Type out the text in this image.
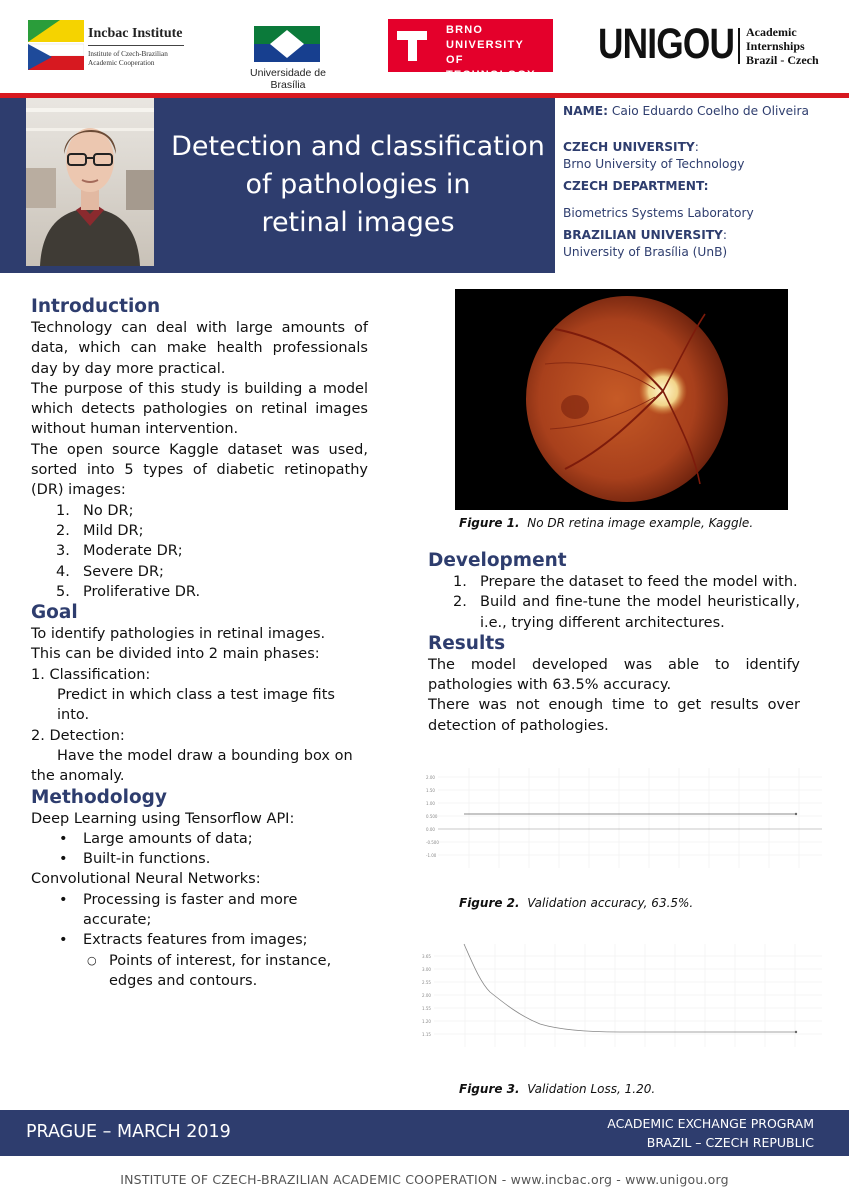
Incbac Institute
Institute of Czech-Brazilian
Academic Cooperation
Universidade de Brasília
BRNO
UNIVERSITY
OF TECHNOLOGY
UNIGOU Academic
Internships
Brazil - Czech
Detection and classification
of pathologies in
retinal images
NAME: Caio Eduardo Coelho de Oliveira
CZECH UNIVERSITY:
Brno University of Technology
CZECH DEPARTMENT:
Biometrics Systems Laboratory
BRAZILIAN UNIVERSITY:
University of Brasília (UnB)
Introduction
Technology can deal with large amounts of data, which can make health professionals day by day more practical.
The purpose of this study is building a model which detects pathologies on retinal images without human intervention.
The open source Kaggle dataset was used, sorted into 5 types of diabetic retinopathy (DR) images:
1. No DR;
2. Mild DR;
3. Moderate DR;
4. Severe DR;
5. Proliferative DR.
Goal
To identify pathologies in retinal images.
This can be divided into 2 main phases:
1. Classification:
Predict in which class a test image fits into.
2. Detection:
Have the model draw a bounding box on the anomaly.
Methodology
Deep Learning using Tensorflow API:
•	Large amounts of data;
•	Built-in functions.
Convolutional Neural Networks:
•	Processing is faster and more accurate;
•	Extracts features from images;
○ Points of interest, for instance, edges and contours.
Figure 1. No DR retina image example, Kaggle.
Development
1. Prepare the dataset to feed the model with.
2. Build and fine-tune the model heuristically, i.e., trying different architectures.
Results
The model developed was able to identify pathologies with 63.5% accuracy.
There was not enough time to get results over detection of pathologies.
2.00
1.50
1.00
0.500
0.00
-0.500
-1.00
Figure 2. Validation accuracy, 63.5%.
3.65
3.00
2.55
2.00
1.55
1.20
1.15
Figure 3. Validation Loss, 1.20.
PRAGUE – MARCH 2019	ACADEMIC EXCHANGE PROGRAM
BRAZIL – CZECH REPUBLIC
INSTITUTE OF CZECH-BRAZILIAN ACADEMIC COOPERATION - www.incbac.org - www.unigou.org
